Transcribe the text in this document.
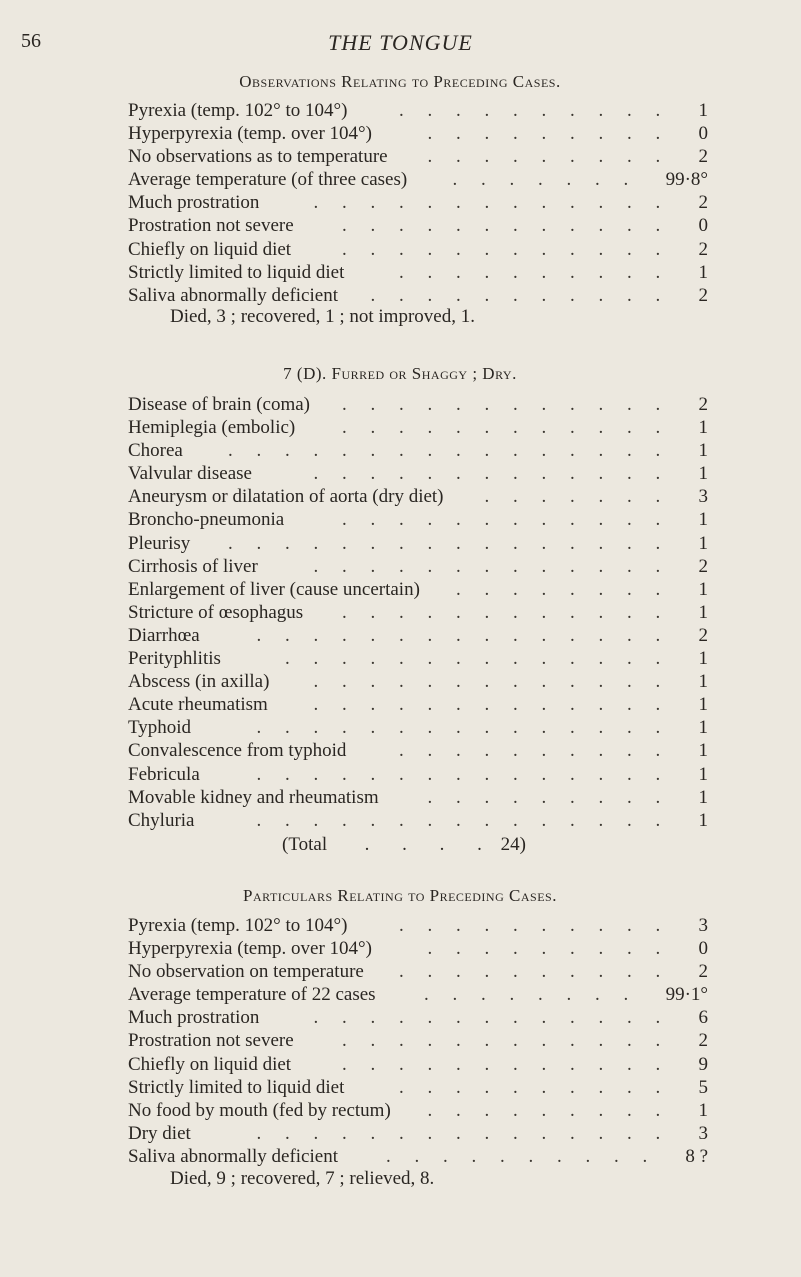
56	THE TONGUE
Observations Relating to Preceding Cases.
Pyrexia (temp. 102° to 104°)	1
.     .     .     .     .     .     .     .     .     .
Hyperpyrexia (temp. over 104°)	0
.     .     .     .     .     .     .     .     .
No observations as to temperature	2
.     .     .     .     .     .     .     .     .
Average temperature (of three cases)	99·8°
.     .     .     .     .     .     .
Much prostration	2
.     .     .     .     .     .     .     .     .     .     .     .     .
Prostration not severe	0
.     .     .     .     .     .     .     .     .     .     .     .
Chiefly on liquid diet	2
.     .     .     .     .     .     .     .     .     .     .     .
Strictly limited to liquid diet	1
.     .     .     .     .     .     .     .     .     .
Saliva abnormally deficient	2
.     .     .     .     .     .     .     .     .     .     .
Died, 3 ; recovered, 1 ; not improved, 1.
7 (D). Furred or Shaggy ; Dry.
Disease of brain (coma)	2
.     .     .     .     .     .     .     .     .     .     .     .
Hemiplegia (embolic)	1
.     .     .     .     .     .     .     .     .     .     .     .
Chorea	1
.     .     .     .     .     .     .     .     .     .     .     .     .     .     .     .
Valvular disease	1
.     .     .     .     .     .     .     .     .     .     .     .     .
Aneurysm or dilatation of aorta (dry diet)	3
.     .     .     .     .     .     .
Broncho-pneumonia	1
.     .     .     .     .     .     .     .     .     .     .     .
Pleurisy	1
.     .     .     .     .     .     .     .     .     .     .     .     .     .     .     .
Cirrhosis of liver	2
.     .     .     .     .     .     .     .     .     .     .     .     .
Enlargement of liver (cause uncertain)	1
.     .     .     .     .     .     .     .
Stricture of œsophagus	1
.     .     .     .     .     .     .     .     .     .     .     .
Diarrhœa	2
.     .     .     .     .     .     .     .     .     .     .     .     .     .     .
Perityphlitis	1
.     .     .     .     .     .     .     .     .     .     .     .     .     .
Abscess (in axilla)	1
.     .     .     .     .     .     .     .     .     .     .     .     .
Acute rheumatism	1
.     .     .     .     .     .     .     .     .     .     .     .     .
Typhoid	1
.     .     .     .     .     .     .     .     .     .     .     .     .     .     .
Convalescence from typhoid	1
.     .     .     .     .     .     .     .     .     .
Febricula	1
.     .     .     .     .     .     .     .     .     .     .     .     .     .     .
Movable kidney and rheumatism	1
.     .     .     .     .     .     .     .     .
Chyluria	1
.     .     .     .     .     .     .     .     .     .     .     .     .     .     .
(Total  . . . . 24)
Particulars Relating to Preceding Cases.
Pyrexia (temp. 102° to 104°)	3
.     .     .     .     .     .     .     .     .     .
Hyperpyrexia (temp. over 104°)	0
.     .     .     .     .     .     .     .     .
No observation on temperature	2
.     .     .     .     .     .     .     .     .     .
Average temperature of 22 cases	99·1°
.     .     .     .     .     .     .     .
Much prostration	6
.     .     .     .     .     .     .     .     .     .     .     .     .
Prostration not severe	2
.     .     .     .     .     .     .     .     .     .     .     .
Chiefly on liquid diet	9
.     .     .     .     .     .     .     .     .     .     .     .
Strictly limited to liquid diet	5
.     .     .     .     .     .     .     .     .     .
No food by mouth (fed by rectum)	1
.     .     .     .     .     .     .     .     .
Dry diet	3
.     .     .     .     .     .     .     .     .     .     .     .     .     .     .
Saliva abnormally deficient	8 ?
.     .     .     .     .     .     .     .     .     .
Died, 9 ; recovered, 7 ; relieved, 8.
